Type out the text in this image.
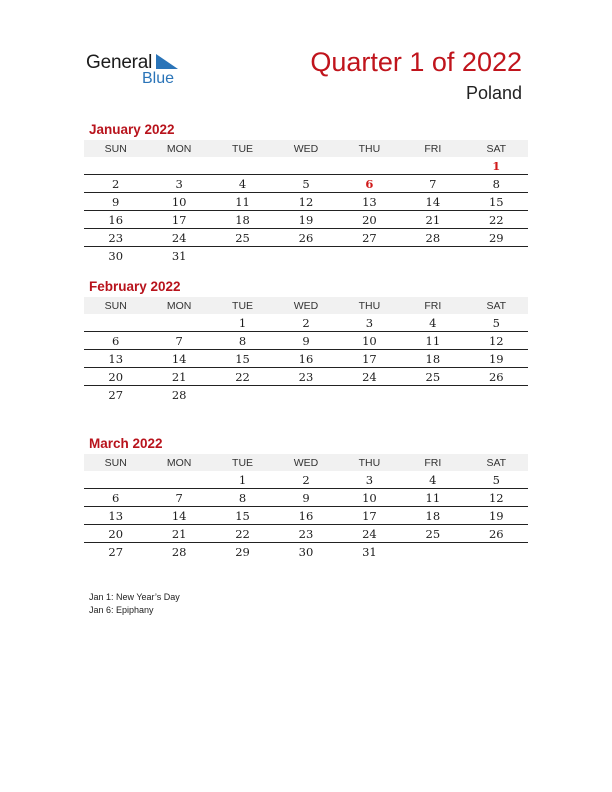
General
Blue
Quarter 1 of 2022
Poland
January 2022
SUN	MON	TUE	WED	THU	FRI	SAT
						1
2	3	4	5	6	7	8
9	10	11	12	13	14	15
16	17	18	19	20	21	22
23	24	25	26	27	28	29
30	31					
February 2022
SUN	MON	TUE	WED	THU	FRI	SAT
		1	2	3	4	5
6	7	8	9	10	11	12
13	14	15	16	17	18	19
20	21	22	23	24	25	26
27	28					
March 2022
SUN	MON	TUE	WED	THU	FRI	SAT
		1	2	3	4	5
6	7	8	9	10	11	12
13	14	15	16	17	18	19
20	21	22	23	24	25	26
27	28	29	30	31		
Jan 1: New Year’s Day
Jan 6: Epiphany
